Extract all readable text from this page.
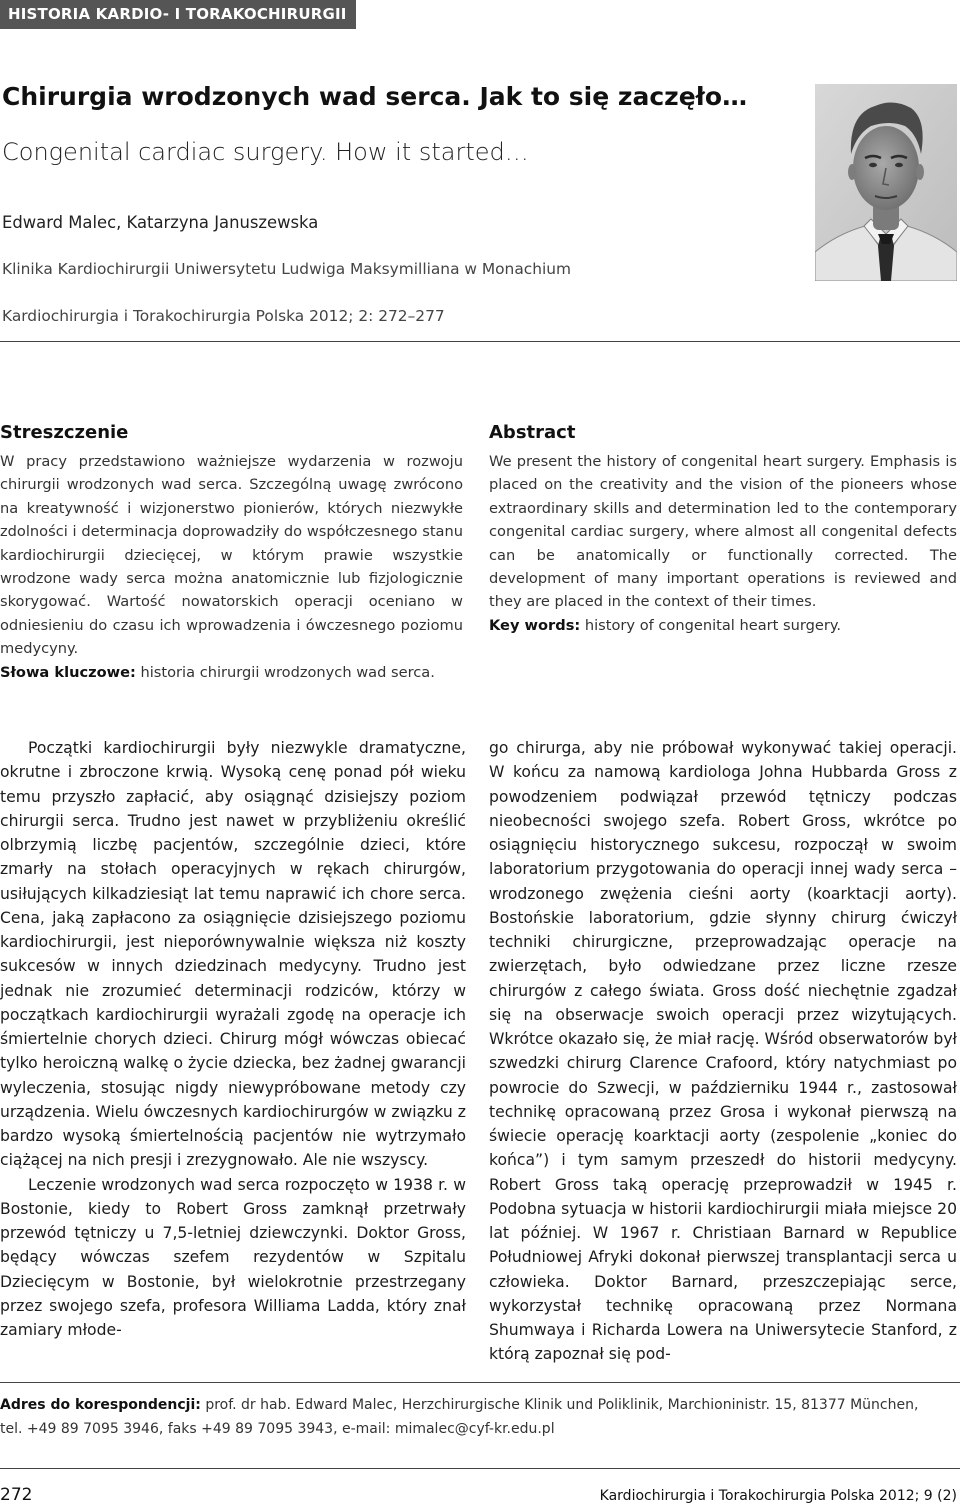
HISTORIA KARDIO- I TORAKOCHIRURGII
Chirurgia wrodzonych wad serca. Jak to się zaczęło…
Congenital cardiac surgery. How it started…
Edward Malec, Katarzyna Januszewska
Klinika Kardiochirurgii Uniwersytetu Ludwiga Maksymilliana w Monachium
Kardiochirurgia i Torakochirurgia Polska 2012; 2: 272–277
Streszczenie

W pracy przedstawiono ważniejsze wydarzenia w rozwoju chirurgii wrodzonych wad serca. Szczególną uwagę zwrócono na kreatywność i wizjonerstwo pionierów, których niezwykłe zdolności i determinacja doprowadziły do współczesnego stanu kardiochirurgii dziecięcej, w którym prawie wszystkie wrodzone wady serca można anatomicznie lub fizjologicznie skorygować. Wartość nowatorskich operacji oceniano w odniesieniu do czasu ich wprowadzenia i ówczesnego poziomu medycyny.
Słowa kluczowe: historia chirurgii wrodzonych wad serca.

Abstract

We present the history of congenital heart surgery. Emphasis is placed on the creativity and the vision of the pioneers whose extraordinary skills and determination led to the contemporary congenital cardiac surgery, where almost all congenital defects can be anatomically or functionally corrected. The development of many important operations is reviewed and they are placed in the context of their times.
Key words: history of congenital heart surgery.

Początki kardiochirurgii były niezwykle dramatyczne, okrutne i zbroczone krwią. Wysoką cenę ponad pół wieku temu przyszło zapłacić, aby osiągnąć dzisiejszy poziom chirurgii serca. Trudno jest nawet w przybliżeniu określić olbrzymią liczbę pacjentów, szczególnie dzieci, które zmarły na stołach operacyjnych w rękach chirurgów, usiłujących kilkadziesiąt lat temu naprawić ich chore serca. Cena, jaką zapłacono za osiągnięcie dzisiejszego poziomu kardiochirurgii, jest nieporównywalnie większa niż koszty sukcesów w innych dziedzinach medycyny. Trudno jest jednak nie zrozumieć determinacji rodziców, którzy w początkach kardiochirurgii wyrażali zgodę na operacje ich śmiertelnie chorych dzieci. Chirurg mógł wówczas obiecać tylko heroiczną walkę o życie dziecka, bez żadnej gwarancji wyleczenia, stosując nigdy niewypróbowane metody czy urządzenia. Wielu ówczesnych kardiochirurgów w związku z bardzo wysoką śmiertelnością pacjentów nie wytrzymało ciążącej na nich presji i zrezygnowało. Ale nie wszyscy.

Leczenie wrodzonych wad serca rozpoczęto w 1938 r. w Bostonie, kiedy to Robert Gross zamknął przetrwały przewód tętniczy u 7,5-letniej dziewczynki. Doktor Gross, będący wówczas szefem rezydentów w Szpitalu Dziecięcym w Bostonie, był wielokrotnie przestrzegany przez swojego szefa, profesora Williama Ladda, który znał zamiary młode-

go chirurga, aby nie próbował wykonywać takiej operacji. W końcu za namową kardiologa Johna Hubbarda Gross z powodzeniem podwiązał przewód tętniczy podczas nieobecności swojego szefa. Robert Gross, wkrótce po osiągnięciu historycznego sukcesu, rozpoczął w swoim laboratorium przygotowania do operacji innej wady serca – wrodzonego zwężenia cieśni aorty (koarktacji aorty). Bostońskie laboratorium, gdzie słynny chirurg ćwiczył techniki chirurgiczne, przeprowadzając operacje na zwierzętach, było odwiedzane przez liczne rzesze chirurgów z całego świata. Gross dość niechętnie zgadzał się na obserwacje swoich operacji przez wizytujących. Wkrótce okazało się, że miał rację. Wśród obserwatorów był szwedzki chirurg Clarence Crafoord, który natychmiast po powrocie do Szwecji, w październiku 1944 r., zastosował technikę opracowaną przez Grosa i wykonał pierwszą na świecie operację koarktacji aorty (zespolenie „koniec do końca”) i tym samym przeszedł do historii medycyny. Robert Gross taką operację przeprowadził w 1945 r. Podobna sytuacja w historii kardiochirurgii miała miejsce 20 lat później. W 1967 r. Christiaan Barnard w Republice Południowej Afryki dokonał pierwszej transplantacji serca u człowieka. Doktor Barnard, przeszczepiając serce, wykorzystał technikę opracowaną przez Normana Shumwaya i Richarda Lowera na Uniwersytecie Stanford, z którą zapoznał się pod-

Adres do korespondencji: prof. dr hab. Edward Malec, Herzchirurgische Klinik und Poliklinik, Marchioninistr. 15, 81377 München,
tel. +49 89 7095 3946, faks +49 89 7095 3943, e-mail: mimalec@cyf-kr.edu.pl
272	Kardiochirurgia i Torakochirurgia Polska 2012; 9 (2)
